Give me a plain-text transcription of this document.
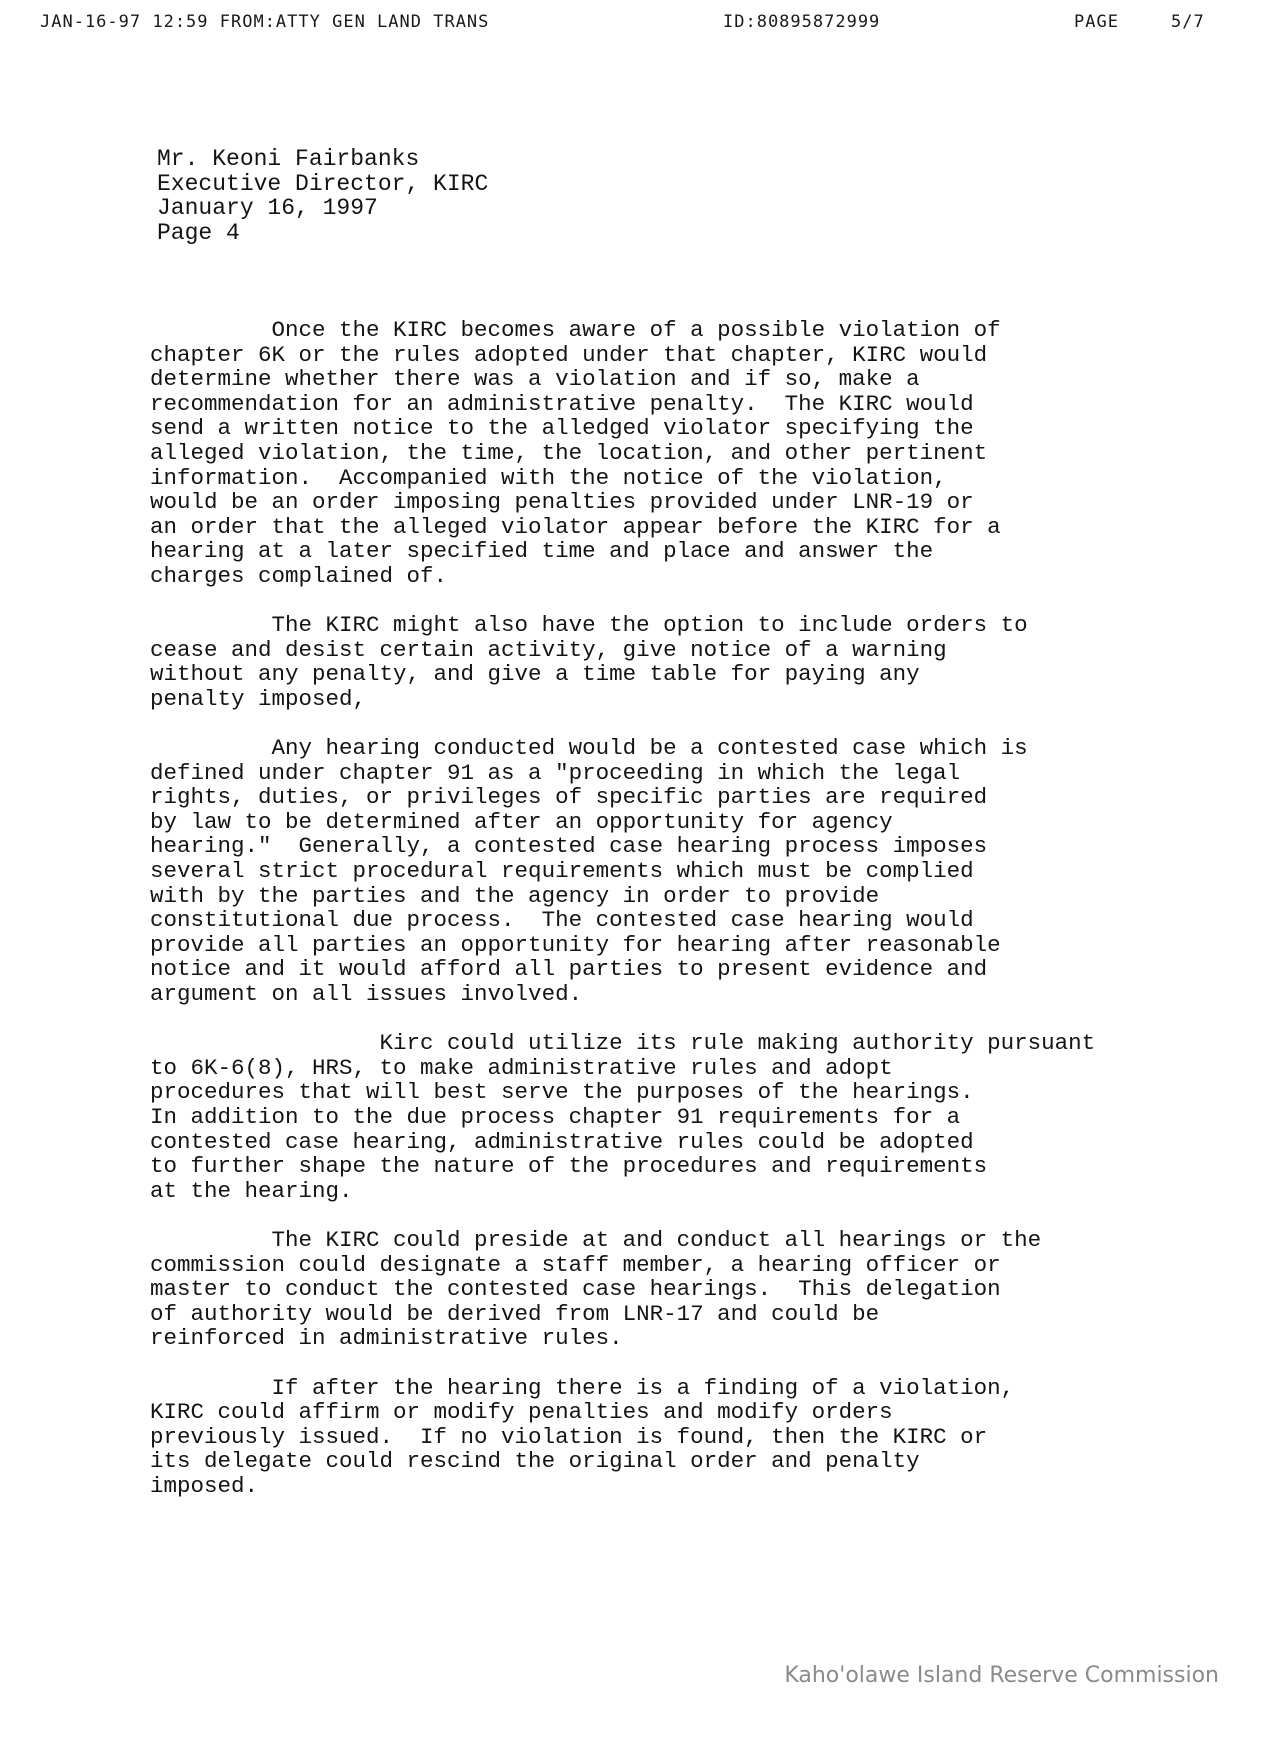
JAN-16-97 12:59 FROM:ATTY GEN LAND TRANS	ID:80895872999	PAGE	5/7
Mr. Keoni Fairbanks
Executive Director, KIRC
January 16, 1997
Page 4
Once the KIRC becomes aware of a possible violation of
chapter 6K or the rules adopted under that chapter, KIRC would
determine whether there was a violation and if so, make a
recommendation for an administrative penalty.  The KIRC would
send a written notice to the alledged violator specifying the
alleged violation, the time, the location, and other pertinent
information.  Accompanied with the notice of the violation,
would be an order imposing penalties provided under LNR-19 or
an order that the alleged violator appear before the KIRC for a
hearing at a later specified time and place and answer the
charges complained of.
The KIRC might also have the option to include orders to
cease and desist certain activity, give notice of a warning
without any penalty, and give a time table for paying any
penalty imposed,
Any hearing conducted would be a contested case which is
defined under chapter 91 as a "proceeding in which the legal
rights, duties, or privileges of specific parties are required
by law to be determined after an opportunity for agency
hearing."  Generally, a contested case hearing process imposes
several strict procedural requirements which must be complied
with by the parties and the agency in order to provide
constitutional due process.  The contested case hearing would
provide all parties an opportunity for hearing after reasonable
notice and it would afford all parties to present evidence and
argument on all issues involved.
Kirc could utilize its rule making authority pursuant
to 6K-6(8), HRS, to make administrative rules and adopt
procedures that will best serve the purposes of the hearings.
In addition to the due process chapter 91 requirements for a
contested case hearing, administrative rules could be adopted
to further shape the nature of the procedures and requirements
at the hearing.
The KIRC could preside at and conduct all hearings or the
commission could designate a staff member, a hearing officer or
master to conduct the contested case hearings.  This delegation
of authority would be derived from LNR-17 and could be
reinforced in administrative rules.
If after the hearing there is a finding of a violation,
KIRC could affirm or modify penalties and modify orders
previously issued.  If no violation is found, then the KIRC or
its delegate could rescind the original order and penalty
imposed.
Kaho'olawe Island Reserve Commission
